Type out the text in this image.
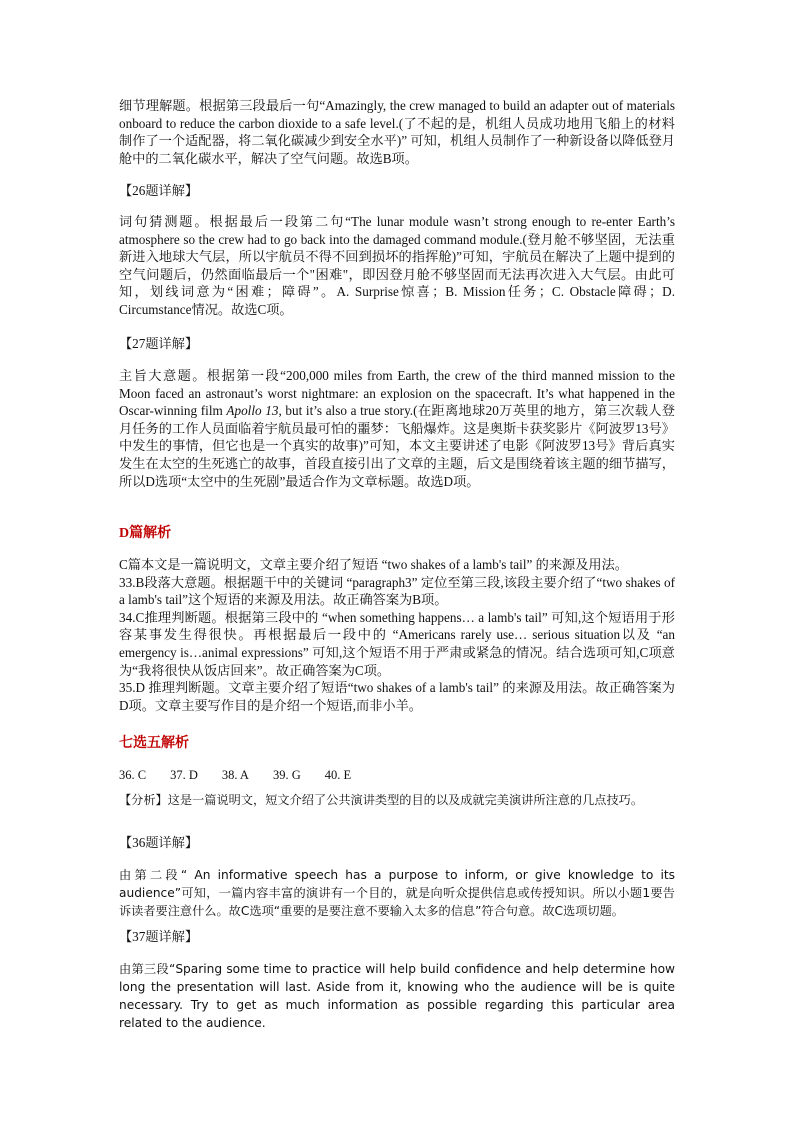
细节理解题。根据第三段最后一句“Amazingly, the crew managed to build an adapter out of materials onboard to reduce the carbon dioxide to a safe level.(了不起的是，机组人员成功地用飞船上的材料制作了一个适配器，将二氧化碳减少到安全水平)” 可知，机组人员制作了一种新设备以降低登月舱中的二氧化碳水平，解决了空气问题。故选B项。

【26题详解】

词句猜测题。根据最后一段第二句“The lunar module wasn’t strong enough to re-enter Earth’s atmosphere so the crew had to go back into the damaged command module.(登月舱不够坚固，无法重新进入地球大气层，所以宇航员不得不回到损坏的指挥舱)”可知，宇航员在解决了上题中提到的空气问题后，仍然面临最后一个"困难"，即因登月舱不够坚固而无法再次进入大气层。由此可知，划线词意为“困难；障碍”。A. Surprise惊喜；B. Mission任务；C. Obstacle障碍；D. Circumstance情况。故选C项。

【27题详解】

主旨大意题。根据第一段“200,000 miles from Earth, the crew of the third manned mission to the Moon faced an astronaut’s worst nightmare: an explosion on the spacecraft. It’s what happened in the Oscar-winning film Apollo 13, but it’s also a true story.(在距离地球20万英里的地方，第三次载人登月任务的工作人员面临着宇航员最可怕的噩梦：飞船爆炸。这是奥斯卡获奖影片《阿波罗13号》中发生的事情，但它也是一个真实的故事)”可知，本文主要讲述了电影《阿波罗13号》背后真实发生在太空的生死逃亡的故事，首段直接引出了文章的主题，后文是围绕着该主题的细节描写，所以D选项“太空中的生死剧”最适合作为文章标题。故选D项。

D篇解析

C篇本文是一篇说明文，文章主要介绍了短语 “two shakes of a lamb's tail” 的来源及用法。

33.B段落大意题。根据题干中的关键词 “paragraph3” 定位至第三段,该段主要介绍了“two shakes of a lamb's tail”这个短语的来源及用法。故正确答案为B项。

34.C推理判断题。根据第三段中的 “when something happens… a lamb's tail” 可知,这个短语用于形容某事发生得很快。再根据最后一段中的 “Americans rarely use… serious situation以及 “an emergency is…animal expressions” 可知,这个短语不用于严肃或紧急的情况。结合选项可知,C项意为“我将很快从饭店回来”。故正确答案为C项。

35.D 推理判断题。文章主要介绍了短语“two shakes of a lamb's tail” 的来源及用法。故正确答案为D项。文章主要写作目的是介绍一个短语,而非小羊。

七选五解析

36. C 37. D 38. A 39. G 40. E

【分析】这是一篇说明文，短文介绍了公共演讲类型的目的以及成就完美演讲所注意的几点技巧。

【36题详解】

由第二段“ An informative speech has a purpose to inform, or give knowledge to its audience”可知，一篇内容丰富的演讲有一个目的，就是向听众提供信息或传授知识。所以小题1要告诉读者要注意什么。故C选项“重要的是要注意不要输入太多的信息”符合句意。故C选项切题。

【37题详解】

由第三段“Sparing some time to practice will help build confidence and help determine how long the presentation will last. Aside from it, knowing who the audience will be is quite necessary. Try to get as much information as possible regarding this particular area related to the audience.
